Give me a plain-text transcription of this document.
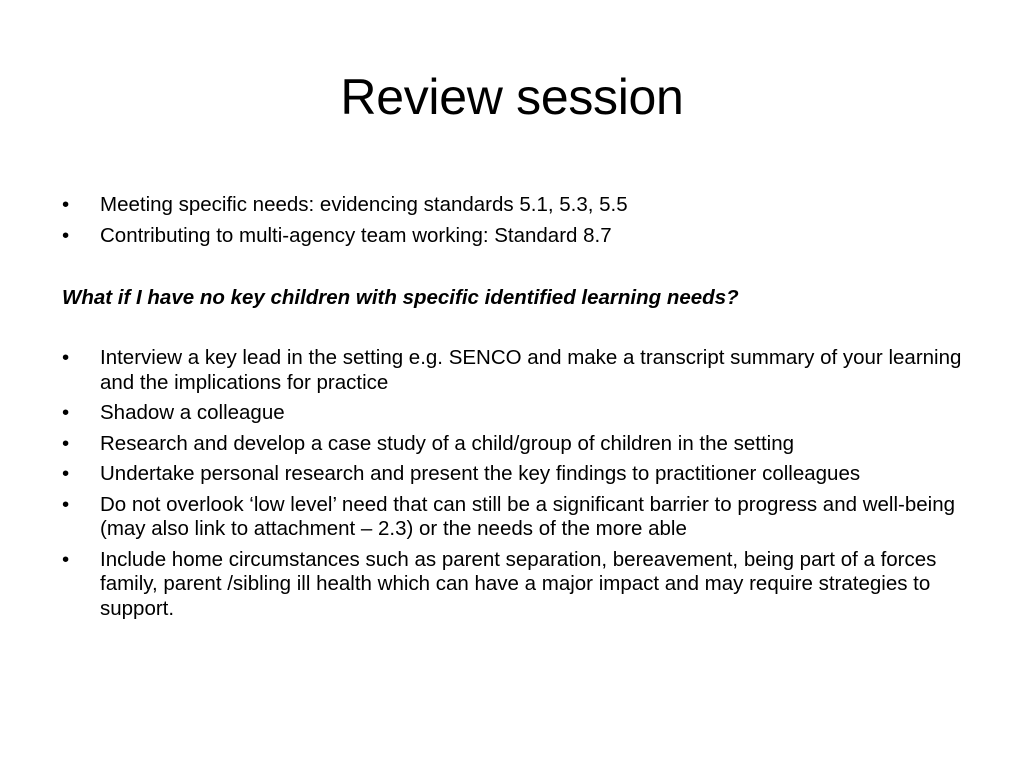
Review session
•	Meeting specific needs: evidencing standards 5.1, 5.3, 5.5
•	Contributing to multi-agency team working: Standard 8.7

What if I have no key children with specific identified learning needs?

•	Interview a key lead in the setting e.g. SENCO and make a transcript summary of your learning and the implications for practice
•	Shadow a colleague
•	Research and develop a case study of a child/group of children in the setting
•	Undertake personal research and present the key findings to practitioner colleagues
•	Do not overlook ‘low level’ need that can still be a significant barrier to progress and well-being (may also link to attachment – 2.3) or the needs of the more able
•	Include home circumstances such as parent separation, bereavement, being part of a forces family, parent /sibling ill health which can have a major impact and may require strategies to support.
